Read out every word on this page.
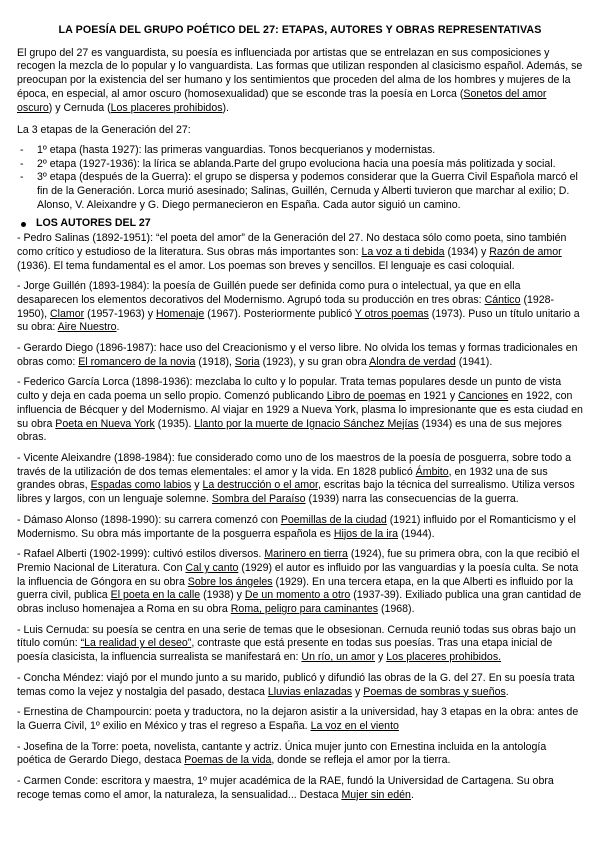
LA POESÍA DEL GRUPO POÉTICO DEL 27: ETAPAS, AUTORES Y OBRAS REPRESENTATIVAS

El grupo del 27 es vanguardista, su poesía es influenciada por artistas que se entrelazan en sus composiciones y recogen la mezcla de lo popular y lo vanguardista. Las formas que utilizan responden al clasicismo español. Además, se preocupan por la existencia del ser humano y los sentimientos que proceden del alma de los hombres y mujeres de la época, en especial, al amor oscuro (homosexualidad) que se esconde tras la poesía en Lorca (Sonetos del amor oscuro) y Cernuda (Los placeres prohibidos).

La 3 etapas de la Generación del 27:

- 1º etapa (hasta 1927): las primeras vanguardias. Tonos becquerianos y modernistas.
- 2º etapa (1927-1936): la lírica se ablanda.Parte del grupo evoluciona hacia una poesía más politizada y social.
- 3º etapa (después de la Guerra): el grupo se dispersa y podemos considerar que la Guerra Civil Española marcó el fin de la Generación. Lorca murió asesinado; Salinas, Guillén, Cernuda y Alberti tuvieron que marchar al exilio; D. Alonso, V. Aleixandre y G. Diego permanecieron en España. Cada autor siguió un camino.
LOS AUTORES DEL 27

- Pedro Salinas (1892-1951): “el poeta del amor” de la Generación del 27. No destaca sólo como poeta, sino también como crítico y estudioso de la literatura. Sus obras más importantes son: La voz a ti debida (1934) y Razón de amor (1936). El tema fundamental es el amor. Los poemas son breves y sencillos. El lenguaje es casi coloquial.

- Jorge Guillén (1893-1984): la poesía de Guillén puede ser definida como pura o intelectual, ya que en ella desaparecen los elementos decorativos del Modernismo. Agrupó toda su producción en tres obras: Cántico (1928-1950), Clamor (1957-1963) y Homenaje (1967). Posteriormente publicó Y otros poemas (1973). Puso un título unitario a su obra: Aire Nuestro.

- Gerardo Diego (1896-1987): hace uso del Creacionismo y el verso libre. No olvida los temas y formas tradicionales en obras como: El romancero de la novia (1918), Soria (1923), y su gran obra Alondra de verdad (1941).

- Federico García Lorca (1898-1936): mezclaba lo culto y lo popular. Trata temas populares desde un punto de vista culto y deja en cada poema un sello propio. Comenzó publicando Libro de poemas en 1921 y Canciones en 1922, con influencia de Bécquer y del Modernismo. Al viajar en 1929 a Nueva York, plasma lo impresionante que es esta ciudad en su obra Poeta en Nueva York (1935). Llanto por la muerte de Ignacio Sánchez Mejías (1934) es una de sus mejores obras.

- Vicente Aleixandre (1898-1984): fue considerado como uno de los maestros de la poesía de posguerra, sobre todo a través de la utilización de dos temas elementales: el amor y la vida. En 1828 publicó Ámbito, en 1932 una de sus grandes obras, Espadas como labios y La destrucción o el amor, escritas bajo la técnica del surrealismo. Utiliza versos libres y largos, con un lenguaje solemne. Sombra del Paraíso (1939) narra las consecuencias de la guerra.

- Dámaso Alonso (1898-1990): su carrera comenzó con Poemillas de la ciudad (1921) influido por el Romanticismo y el Modernismo. Su obra más importante de la posguerra española es Hijos de la ira (1944).

- Rafael Alberti (1902-1999): cultivó estilos diversos. Marinero en tierra (1924), fue su primera obra, con la que recibió el Premio Nacional de Literatura. Con Cal y canto (1929) el autor es influido por las vanguardias y la poesía culta. Se nota la influencia de Góngora en su obra Sobre los ángeles (1929). En una tercera etapa, en la que Alberti es influido por la guerra civil, publica El poeta en la calle (1938) y De un momento a otro (1937-39). Exiliado publica una gran cantidad de obras incluso homenajea a Roma en su obra Roma, peligro para caminantes (1968).

- Luis Cernuda: su poesía se centra en una serie de temas que le obsesionan. Cernuda reunió todas sus obras bajo un título común: “La realidad y el deseo”, contraste que está presente en todas sus poesías. Tras una etapa inicial de poesía clasicista, la influencia surrealista se manifestará en: Un río, un amor y Los placeres prohibidos.

- Concha Méndez: viajó por el mundo junto a su marido, publicó y difundió las obras de la G. del 27. En su poesía trata temas como la vejez y nostalgia del pasado, destaca Lluvias enlazadas y Poemas de sombras y sueños.

- Ernestina de Champourcin: poeta y traductora, no la dejaron asistir a la universidad, hay 3 etapas en la obra: antes de la Guerra Civil, 1º exilio en México y tras el regreso a España. La voz en el viento

- Josefina de la Torre: poeta, novelista, cantante y actriz. Única mujer junto con Ernestina incluida en la antología poética de Gerardo Diego, destaca Poemas de la vida, donde se refleja el amor por la tierra.

- Carmen Conde: escritora y maestra, 1º mujer académica de la RAE, fundó la Universidad de Cartagena. Su obra recoge temas como el amor, la naturaleza, la sensualidad... Destaca Mujer sin edén.
